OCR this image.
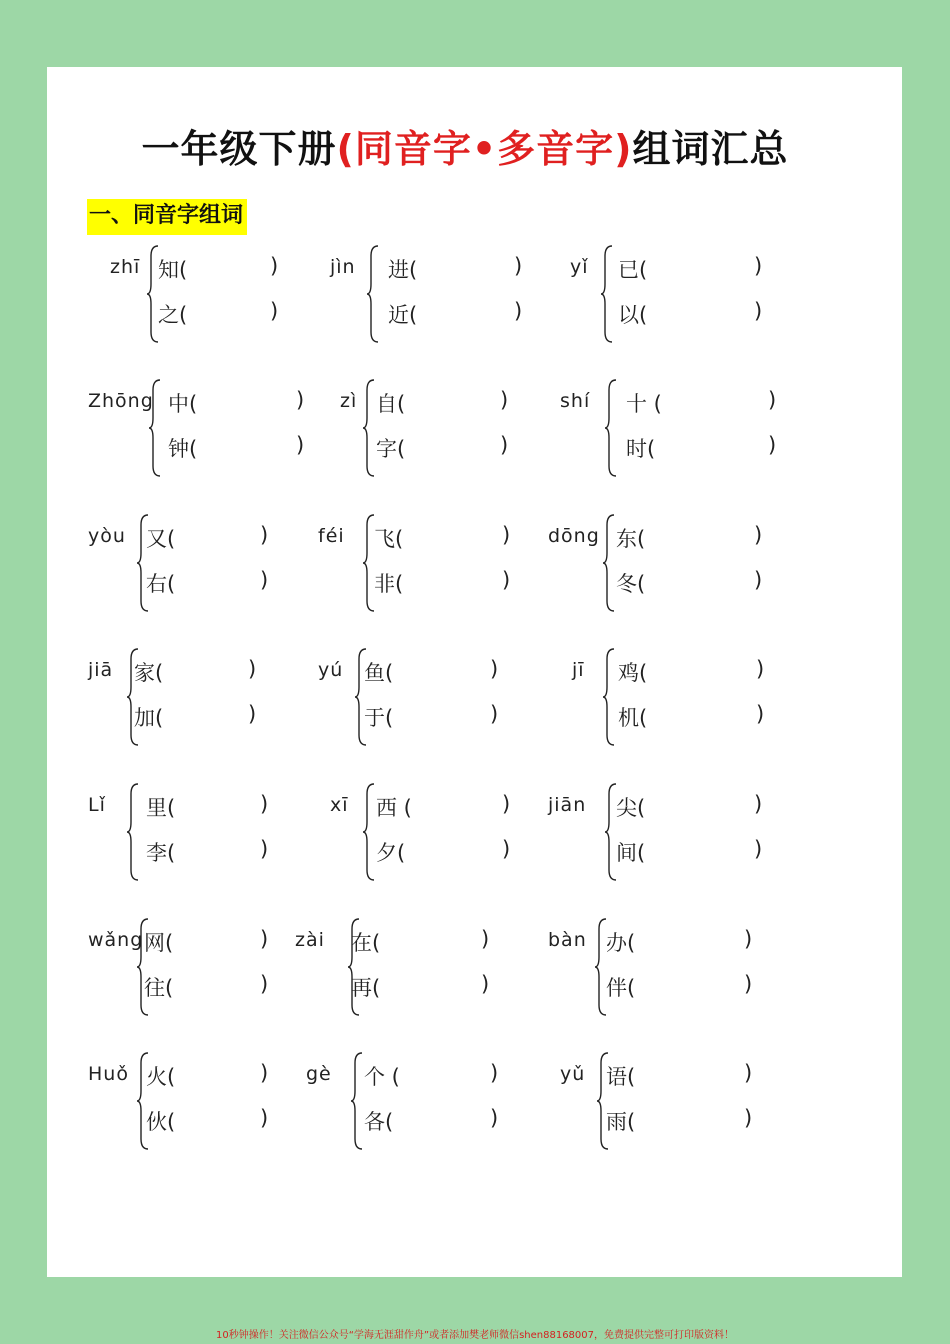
一年级下册(同音字•多音字)组词汇总
一、同音字组词
zhī 知(	)
之(	)
jìn 进(	)
近(	)
yǐ 已(	)
以(	)
Zhōng 中(	)
钟(	)
zì 自(	)
字(	)
shí 十 (	)
时(	)
yòu 又(	)
右(	)
féi 飞(	)
非(	)
dōng 东(	)
冬(	)
jiā 家(	)
加(	)
yú 鱼(	)
于(	)
jī 鸡(	)
机(	)
Lǐ 里(	)
李(	)
xī 西 (	)
夕(	)
jiān 尖(	)
间(	)
wǎng 网(	)
往(	)
zài 在(	)
再(	)
bàn 办(	)
伴(	)
Huǒ 火(	)
伙(	)
gè 个 (	)
各(	)
yǔ 语(	)
雨(	)
10秒钟操作！关注微信公众号“学海无涯甜作舟”或者添加樊老师微信shen88168007，免费提供完整可打印版资料！
